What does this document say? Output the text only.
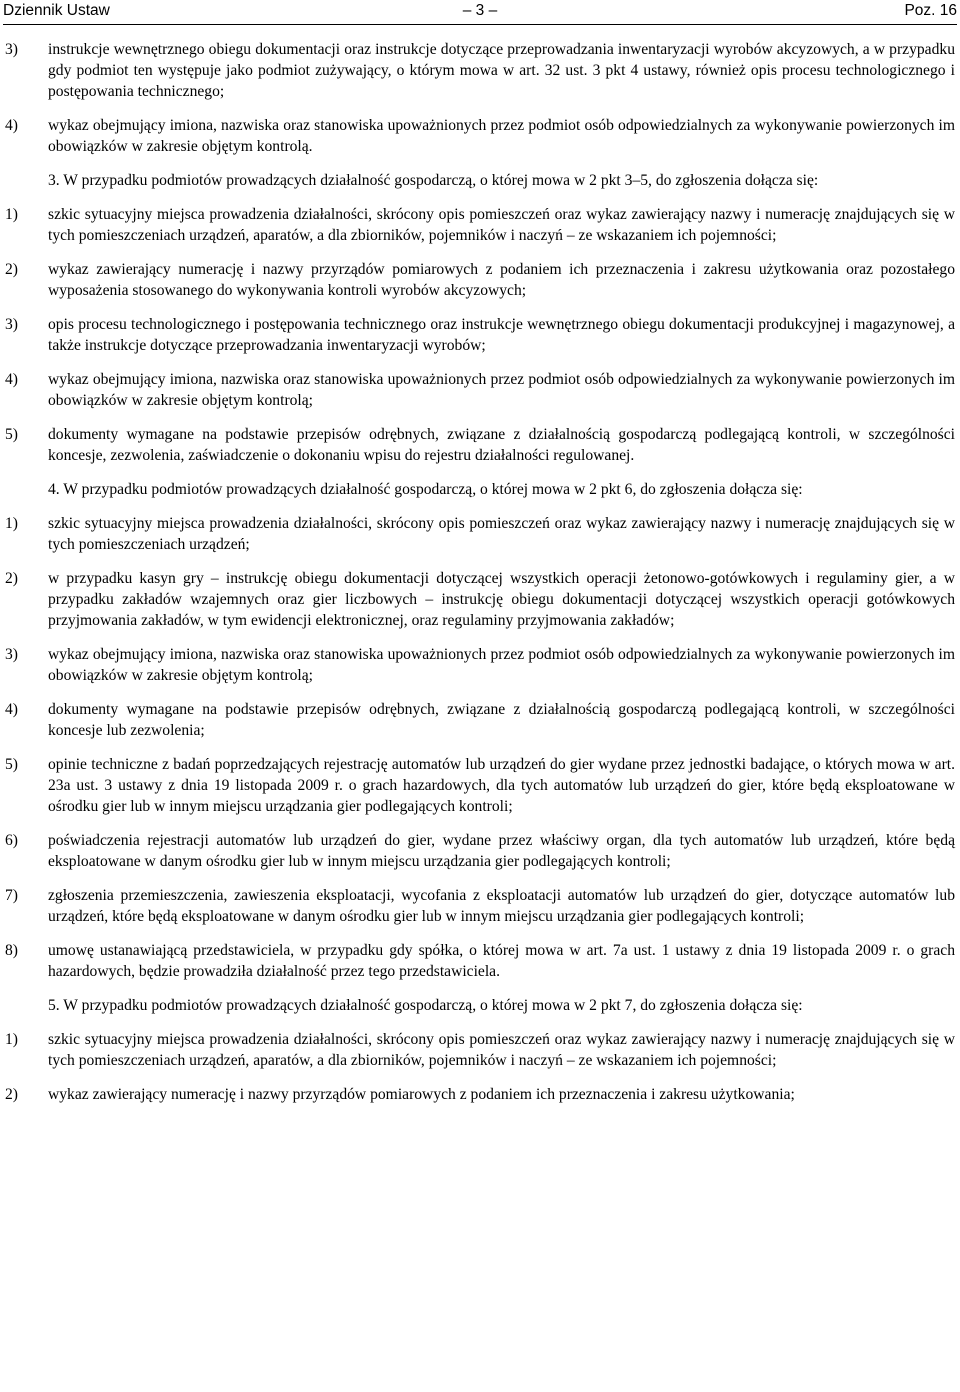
Dziennik Ustaw	– 3 –	Poz. 16
3) instrukcje wewnętrznego obiegu dokumentacji oraz instrukcje dotyczące przeprowadzania inwentaryzacji wyrobów akcyzowych, a w przypadku gdy podmiot ten występuje jako podmiot zużywający, o którym mowa w art. 32 ust. 3 pkt 4 ustawy, również opis procesu technologicznego i postępowania technicznego;
4) wykaz obejmujący imiona, nazwiska oraz stanowiska upoważnionych przez podmiot osób odpowiedzialnych za wykonywanie powierzonych im obowiązków w zakresie objętym kontrolą.
3. W przypadku podmiotów prowadzących działalność gospodarczą, o której mowa w 2 pkt 3–5, do zgłoszenia dołącza się:
1) szkic sytuacyjny miejsca prowadzenia działalności, skrócony opis pomieszczeń oraz wykaz zawierający nazwy i numerację znajdujących się w tych pomieszczeniach urządzeń, aparatów, a dla zbiorników, pojemników i naczyń – ze wskazaniem ich pojemności;
2) wykaz zawierający numerację i nazwy przyrządów pomiarowych z podaniem ich przeznaczenia i zakresu użytkowania oraz pozostałego wyposażenia stosowanego do wykonywania kontroli wyrobów akcyzowych;
3) opis procesu technologicznego i postępowania technicznego oraz instrukcje wewnętrznego obiegu dokumentacji produkcyjnej i magazynowej, a także instrukcje dotyczące przeprowadzania inwentaryzacji wyrobów;
4) wykaz obejmujący imiona, nazwiska oraz stanowiska upoważnionych przez podmiot osób odpowiedzialnych za wykonywanie powierzonych im obowiązków w zakresie objętym kontrolą;
5) dokumenty wymagane na podstawie przepisów odrębnych, związane z działalnością gospodarczą podlegającą kontroli, w szczególności koncesje, zezwolenia, zaświadczenie o dokonaniu wpisu do rejestru działalności regulowanej.
4. W przypadku podmiotów prowadzących działalność gospodarczą, o której mowa w 2 pkt 6, do zgłoszenia dołącza się:
1) szkic sytuacyjny miejsca prowadzenia działalności, skrócony opis pomieszczeń oraz wykaz zawierający nazwy i numerację znajdujących się w tych pomieszczeniach urządzeń;
2) w przypadku kasyn gry – instrukcję obiegu dokumentacji dotyczącej wszystkich operacji żetonowo-gotówkowych i regulaminy gier, a w przypadku zakładów wzajemnych oraz gier liczbowych – instrukcję obiegu dokumentacji dotyczącej wszystkich operacji gotówkowych przyjmowania zakładów, w tym ewidencji elektronicznej, oraz regulaminy przyjmowania zakładów;
3) wykaz obejmujący imiona, nazwiska oraz stanowiska upoważnionych przez podmiot osób odpowiedzialnych za wykonywanie powierzonych im obowiązków w zakresie objętym kontrolą;
4) dokumenty wymagane na podstawie przepisów odrębnych, związane z działalnością gospodarczą podlegającą kontroli, w szczególności koncesje lub zezwolenia;
5) opinie techniczne z badań poprzedzających rejestrację automatów lub urządzeń do gier wydane przez jednostki badające, o których mowa w art. 23a ust. 3 ustawy z dnia 19 listopada 2009 r. o grach hazardowych, dla tych automatów lub urządzeń do gier, które będą eksploatowane w ośrodku gier lub w innym miejscu urządzania gier podlegających kontroli;
6) poświadczenia rejestracji automatów lub urządzeń do gier, wydane przez właściwy organ, dla tych automatów lub urządzeń, które będą eksploatowane w danym ośrodku gier lub w innym miejscu urządzania gier podlegających kontroli;
7) zgłoszenia przemieszczenia, zawieszenia eksploatacji, wycofania z eksploatacji automatów lub urządzeń do gier, dotyczące automatów lub urządzeń, które będą eksploatowane w danym ośrodku gier lub w innym miejscu urządzania gier podlegających kontroli;
8) umowę ustanawiającą przedstawiciela, w przypadku gdy spółka, o której mowa w art. 7a ust. 1 ustawy z dnia 19 listopada 2009 r. o grach hazardowych, będzie prowadziła działalność przez tego przedstawiciela.
5. W przypadku podmiotów prowadzących działalność gospodarczą, o której mowa w 2 pkt 7, do zgłoszenia dołącza się:
1) szkic sytuacyjny miejsca prowadzenia działalności, skrócony opis pomieszczeń oraz wykaz zawierający nazwy i numerację znajdujących się w tych pomieszczeniach urządzeń, aparatów, a dla zbiorników, pojemników i naczyń – ze wskazaniem ich pojemności;
2) wykaz zawierający numerację i nazwy przyrządów pomiarowych z podaniem ich przeznaczenia i zakresu użytkowania;
